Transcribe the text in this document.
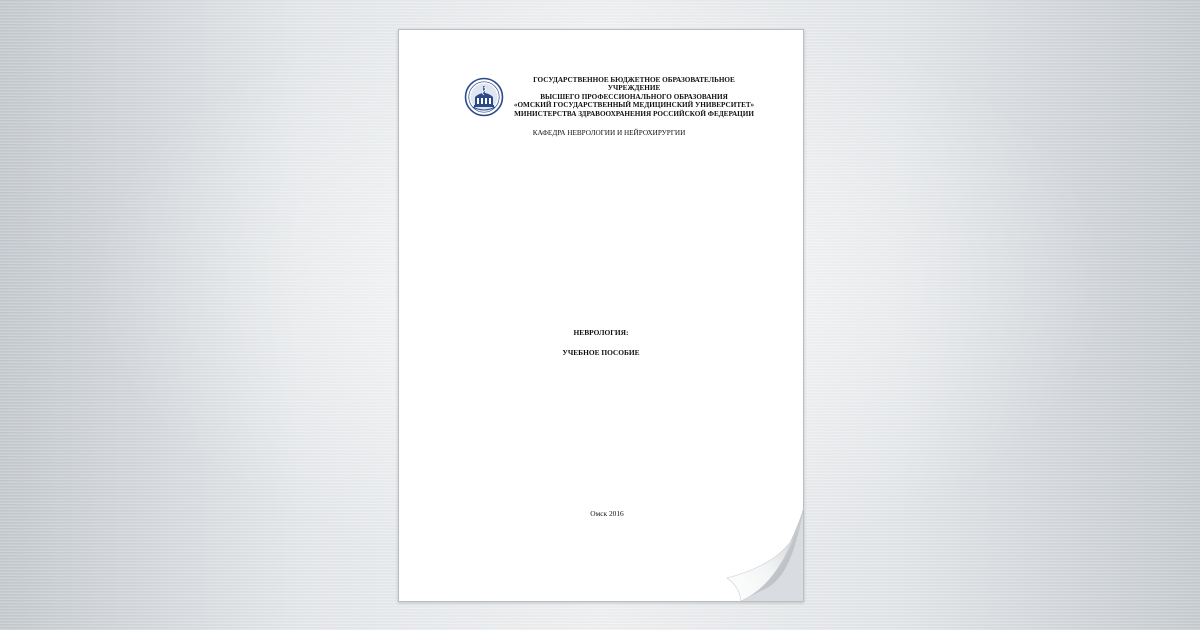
ГОСУДАРСТВЕННОЕ БЮДЖЕТНОЕ ОБРАЗОВАТЕЛЬНОЕ
УЧРЕЖДЕНИЕ
ВЫСШЕГО ПРОФЕССИОНАЛЬНОГО ОБРАЗОВАНИЯ
«ОМСКИЙ ГОСУДАРСТВЕННЫЙ МЕДИЦИНСКИЙ УНИВЕРСИТЕТ»
МИНИСТЕРСТВА ЗДРАВООХРАНЕНИЯ РОССИЙСКОЙ ФЕДЕРАЦИИ
КАФЕДРА НЕВРОЛОГИИ И НЕЙРОХИРУРГИИ
НЕВРОЛОГИЯ:
УЧЕБНОЕ ПОСОБИЕ
Омск 2016
